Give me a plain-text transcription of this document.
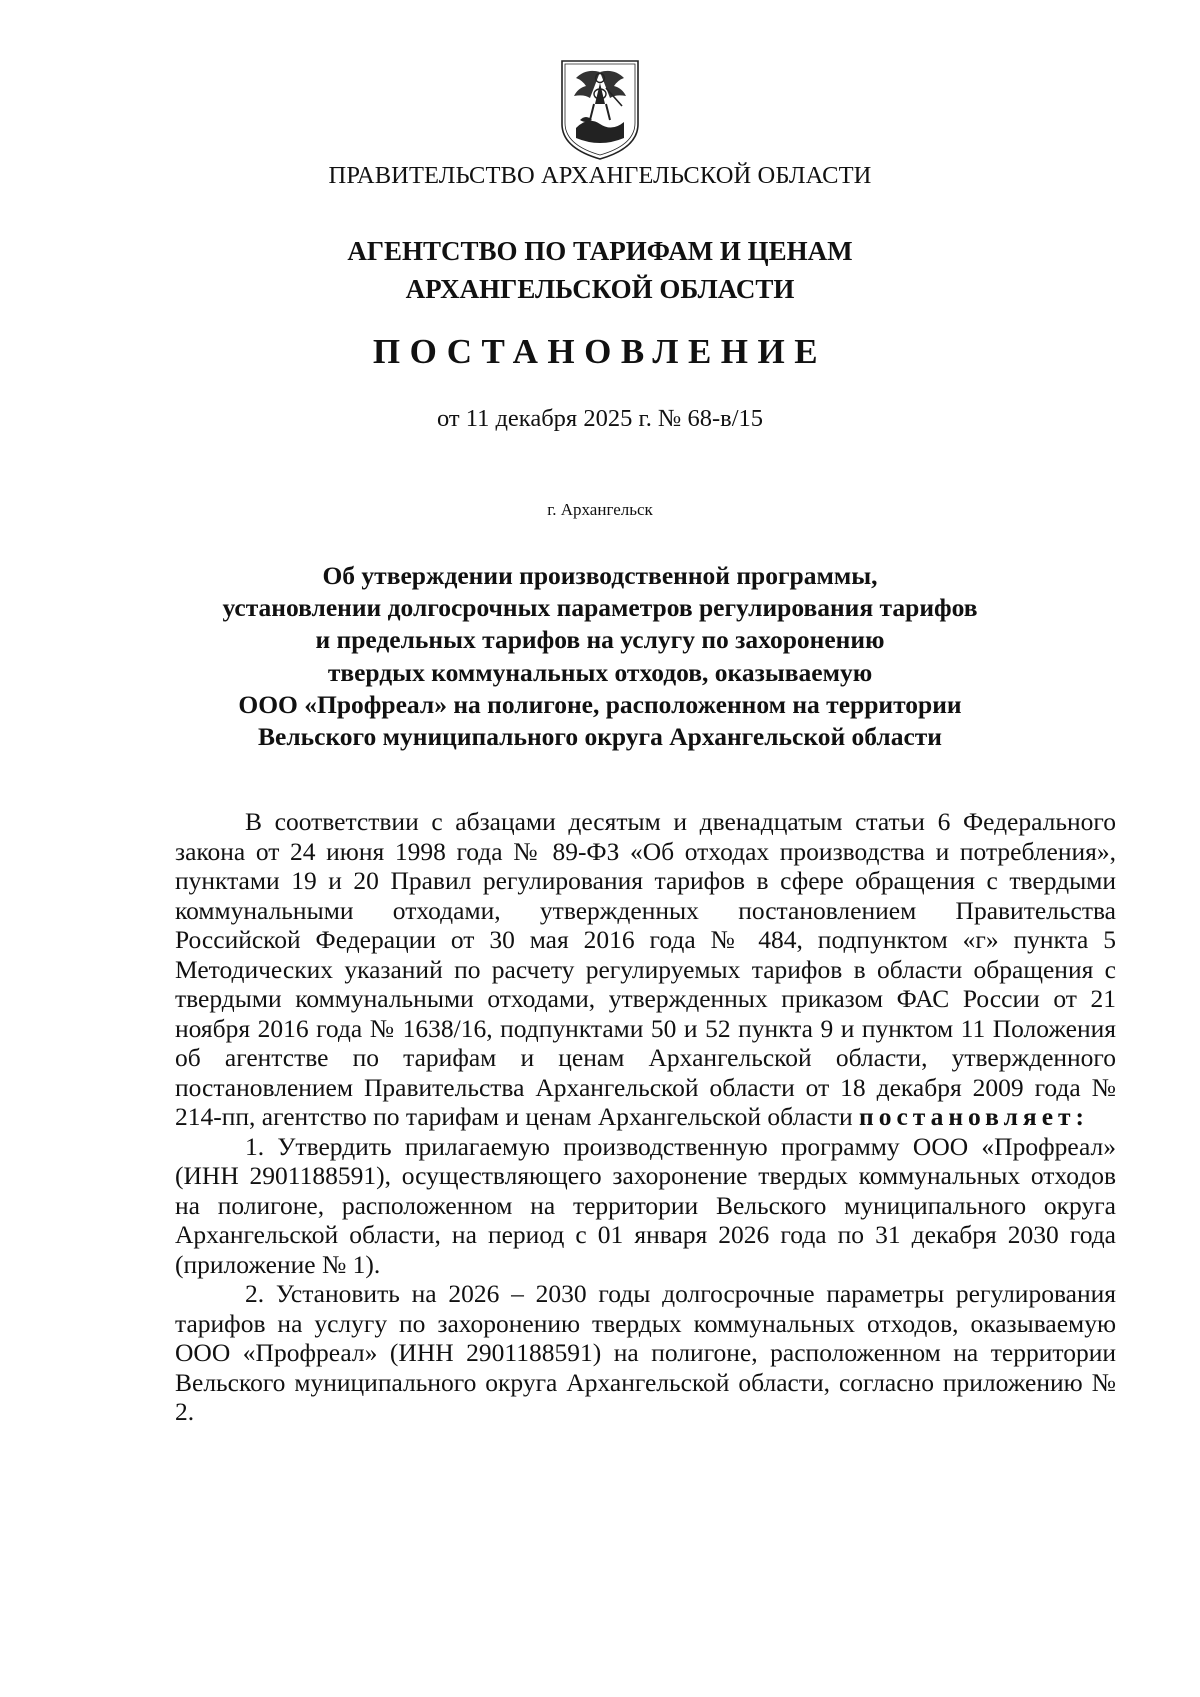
ПРАВИТЕЛЬСТВО АРХАНГЕЛЬСКОЙ ОБЛАСТИ
АГЕНТСТВО ПО ТАРИФАМ И ЦЕНАМ
АРХАНГЕЛЬСКОЙ ОБЛАСТИ
ПОСТАНОВЛЕНИЕ
от 11 декабря 2025 г. № 68-в/15
г. Архангельск
Об утверждении производственной программы,
установлении долгосрочных параметров регулирования тарифов
и предельных тарифов на услугу по захоронению
твердых коммунальных отходов, оказываемую
ООО «Профреал» на полигоне, расположенном на территории
Вельского муниципального округа Архангельской области

В соответствии с абзацами десятым и двенадцатым статьи 6 Федерального закона от 24 июня 1998 года № 89-ФЗ «Об отходах производства и потребления», пунктами 19 и 20 Правил регулирования тарифов в сфере обращения с твердыми коммунальными отходами, утвержденных постановлением Правительства Российской Федерации от 30 мая 2016 года № 484, подпунктом «г» пункта 5 Методических указаний по расчету регулируемых тарифов в области обращения с твердыми коммунальными отходами, утвержденных приказом ФАС России от 21 ноября 2016 года № 1638/16, подпунктами 50 и 52 пункта 9 и пунктом 11 Положения об агентстве по тарифам и ценам Архангельской области, утвержденного постановлением Правительства Архангельской области от 18 декабря 2009 года № 214-пп, агентство по тарифам и ценам Архангельской области постановляет:

1. Утвердить прилагаемую производственную программу ООО «Профреал» (ИНН 2901188591), осуществляющего захоронение твердых коммунальных отходов на полигоне, расположенном на территории Вельского муниципального округа Архангельской области, на период с 01 января 2026 года по 31 декабря 2030 года (приложение № 1).

2. Установить на 2026 – 2030 годы долгосрочные параметры регулирования тарифов на услугу по захоронению твердых коммунальных отходов, оказываемую ООО «Профреал» (ИНН 2901188591) на полигоне, расположенном на территории Вельского муниципального округа Архангельской области, согласно приложению № 2.
